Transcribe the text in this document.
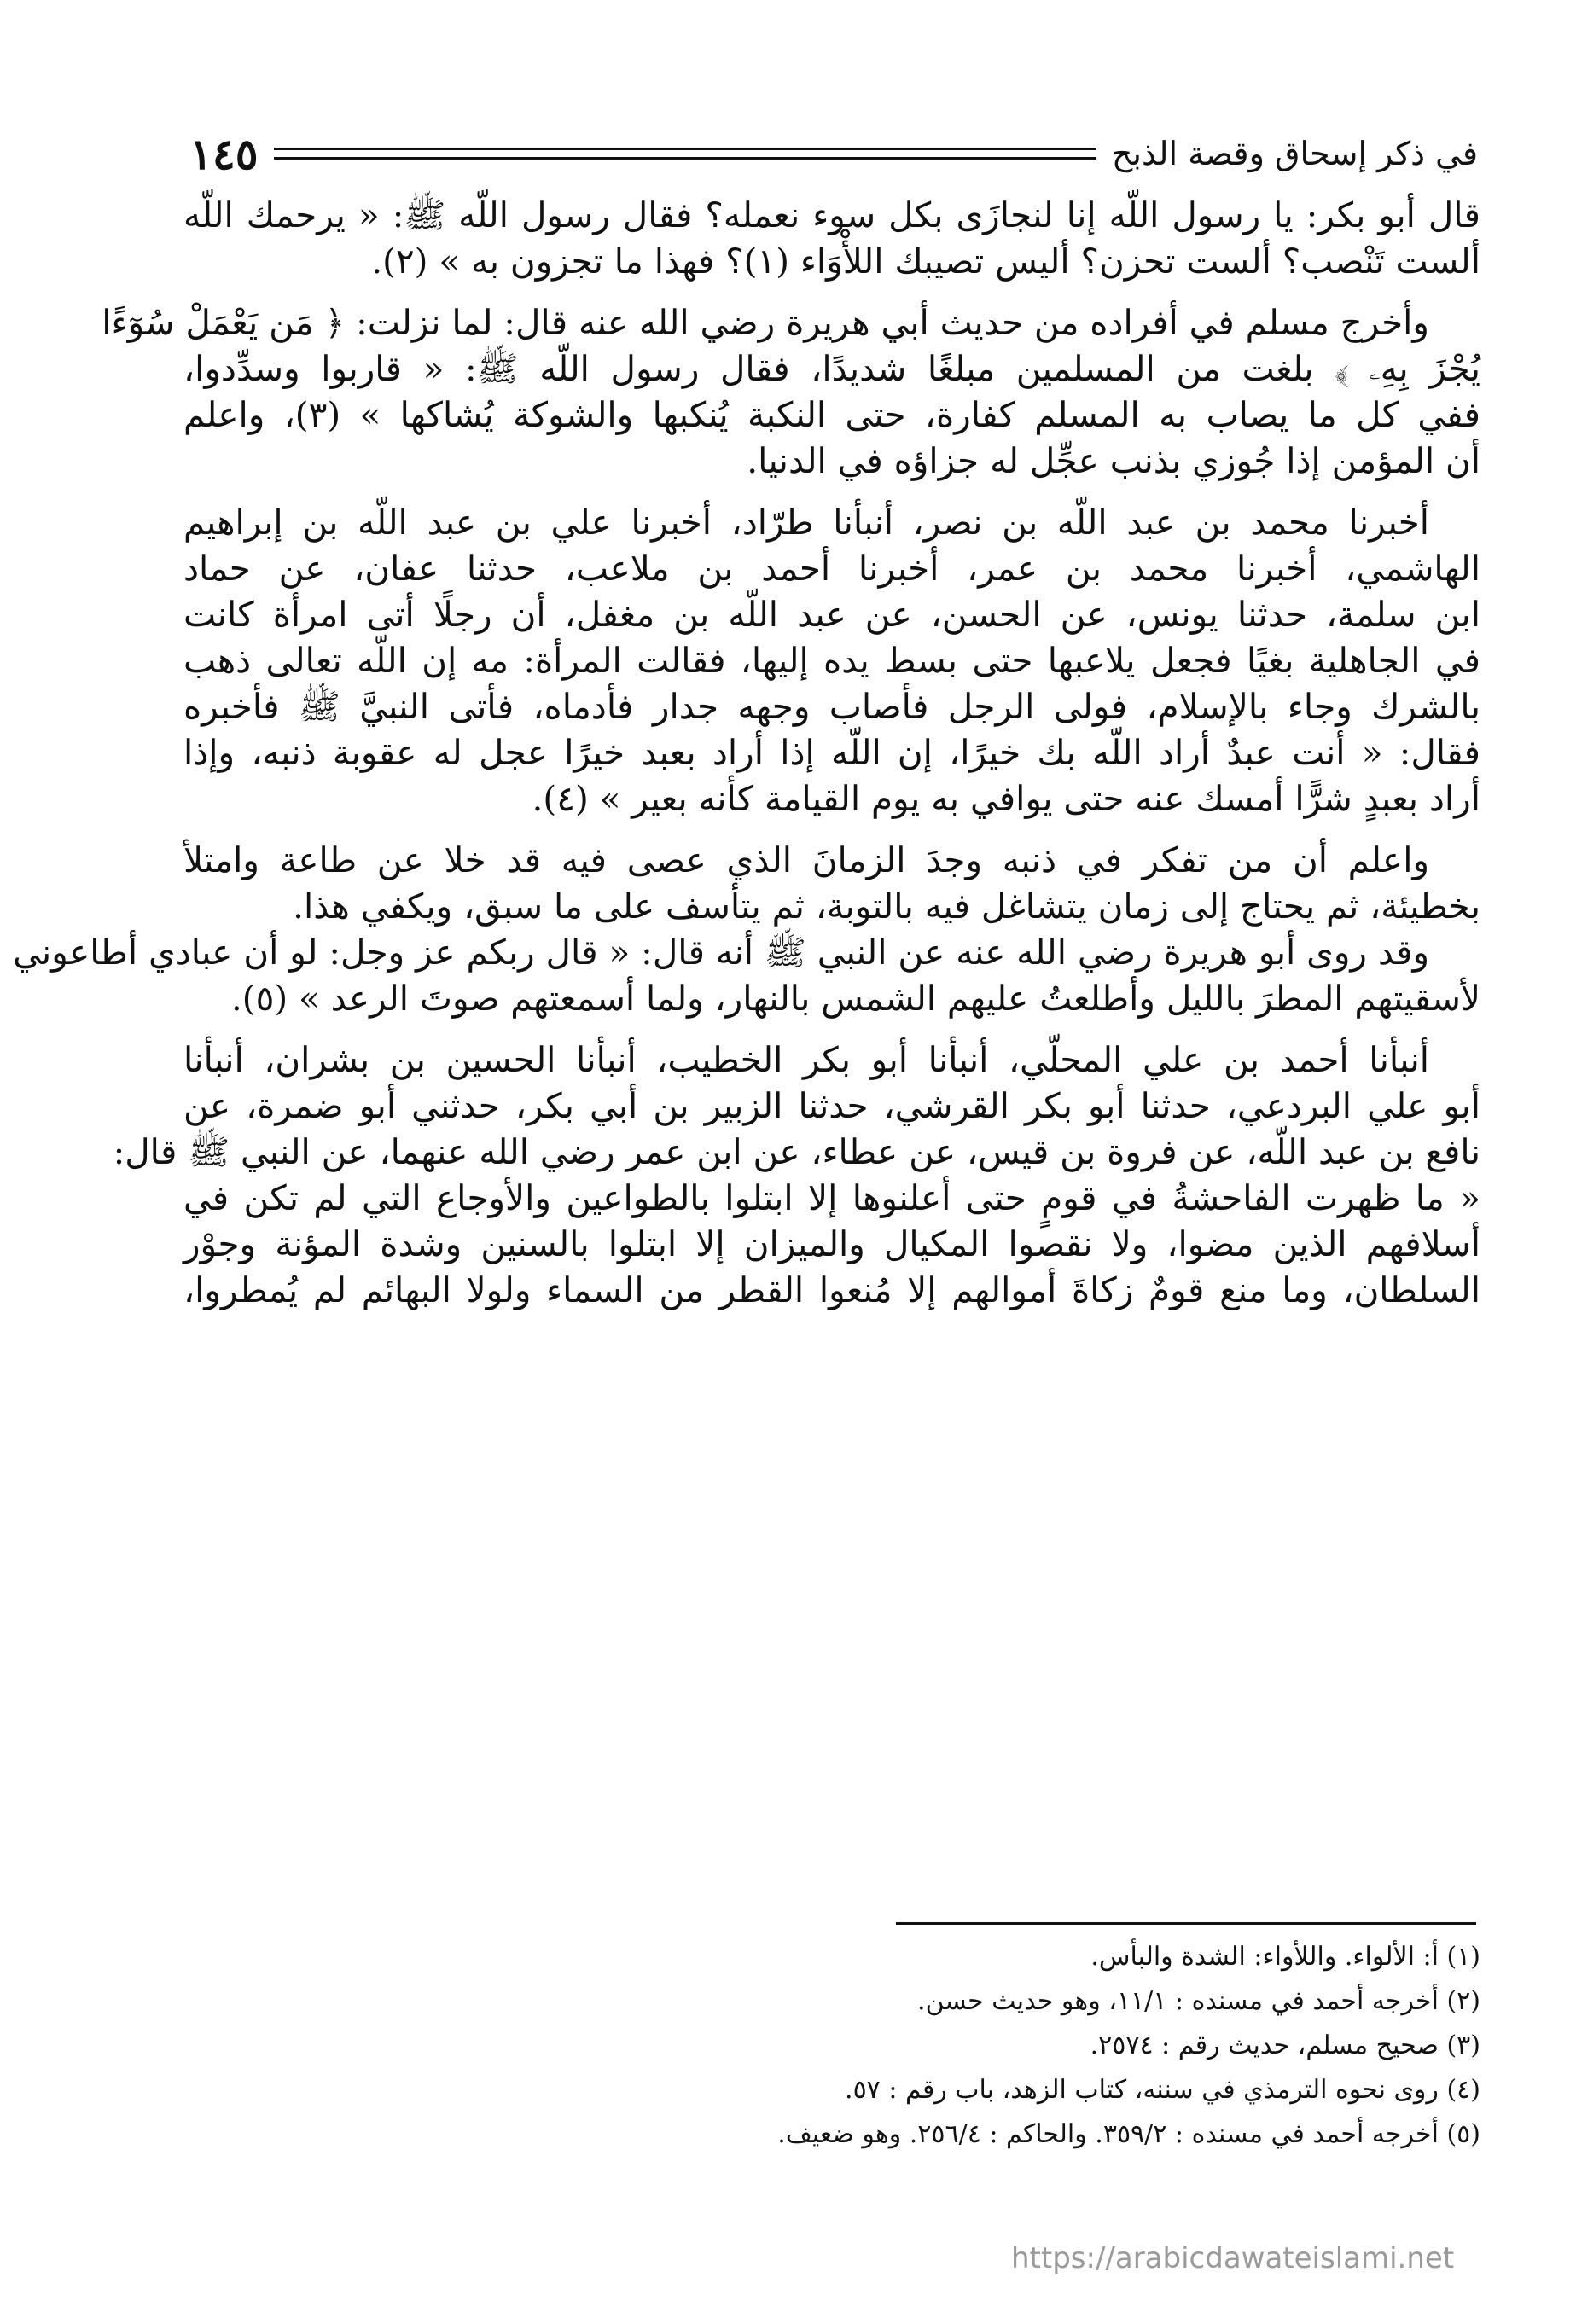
في ذكر إسحاق وقصة الذبح
١٤٥
قال أبو بكر: يا رسول اللّه إنا لنجازَى بكل سوء نعمله؟ فقال رسول اللّه ﷺ: « يرحمك اللّه
ألست تَنْصب؟ ألست تحزن؟ أليس تصيبك اللأْوَاء (١)؟ فهذا ما تجزون به » (٢).
وأخرج مسلم في أفراده من حديث أبي هريرة رضي الله عنه قال: لما نزلت: ﴿ مَن يَعْمَلْ سُوٓءًا
يُجْزَ بِهِۦ ﴾ بلغت من المسلمين مبلغًا شديدًا، فقال رسول اللّه ﷺ: « قاربوا وسدِّدوا،
ففي كل ما يصاب به المسلم كفارة، حتى النكبة يُنكبها والشوكة يُشاكها » (٣)، واعلم
أن المؤمن إذا جُوزي بذنب عجِّل له جزاؤه في الدنيا.
أخبرنا محمد بن عبد اللّه بن نصر، أنبأنا طرّاد، أخبرنا علي بن عبد اللّه بن إبراهيم
الهاشمي، أخبرنا محمد بن عمر، أخبرنا أحمد بن ملاعب، حدثنا عفان، عن حماد
ابن سلمة، حدثنا يونس، عن الحسن، عن عبد اللّه بن مغفل، أن رجلًا أتى امرأة كانت
في الجاهلية بغيًا فجعل يلاعبها حتى بسط يده إليها، فقالت المرأة: مه إن اللّه تعالى ذهب
بالشرك وجاء بالإسلام، فولى الرجل فأصاب وجهه جدار فأدماه، فأتى النبيَّ ﷺ فأخبره
فقال: « أنت عبدٌ أراد اللّه بك خيرًا، إن اللّه إذا أراد بعبد خيرًا عجل له عقوبة ذنبه، وإذا
أراد بعبدٍ شرًّا أمسك عنه حتى يوافي به يوم القيامة كأنه بعير » (٤).
واعلم أن من تفكر في ذنبه وجدَ الزمانَ الذي عصى فيه قد خلا عن طاعة وامتلأ
بخطيئة، ثم يحتاج إلى زمان يتشاغل فيه بالتوبة، ثم يتأسف على ما سبق، ويكفي هذا.
وقد روى أبو هريرة رضي الله عنه عن النبي ﷺ أنه قال: « قال ربكم عز وجل: لو أن عبادي أطاعوني
لأسقيتهم المطرَ بالليل وأطلعتُ عليهم الشمس بالنهار، ولما أسمعتهم صوتَ الرعد » (٥).
أنبأنا أحمد بن علي المحلّي، أنبأنا أبو بكر الخطيب، أنبأنا الحسين بن بشران، أنبأنا
أبو علي البردعي، حدثنا أبو بكر القرشي، حدثنا الزبير بن أبي بكر، حدثني أبو ضمرة، عن
نافع بن عبد اللّه، عن فروة بن قيس، عن عطاء، عن ابن عمر رضي الله عنهما، عن النبي ﷺ قال:
« ما ظهرت الفاحشةُ في قومٍ حتى أعلنوها إلا ابتلوا بالطواعين والأوجاع التي لم تكن في
أسلافهم الذين مضوا، ولا نقصوا المكيال والميزان إلا ابتلوا بالسنين وشدة المؤنة وجوْر
السلطان، وما منع قومٌ زكاةَ أموالهم إلا مُنعوا القطر من السماء ولولا البهائم لم يُمطروا،
(١) أ: الألواء. واللأواء: الشدة والبأس.
(٢) أخرجه أحمد في مسنده : ١١/١، وهو حديث حسن.
(٣) صحيح مسلم، حديث رقم : ٢٥٧٤.
(٤) روى نحوه الترمذي في سننه، كتاب الزهد، باب رقم : ٥٧.
(٥) أخرجه أحمد في مسنده : ٣٥٩/٢. والحاكم : ٢٥٦/٤. وهو ضعيف.
https://arabicdawateislami.net
